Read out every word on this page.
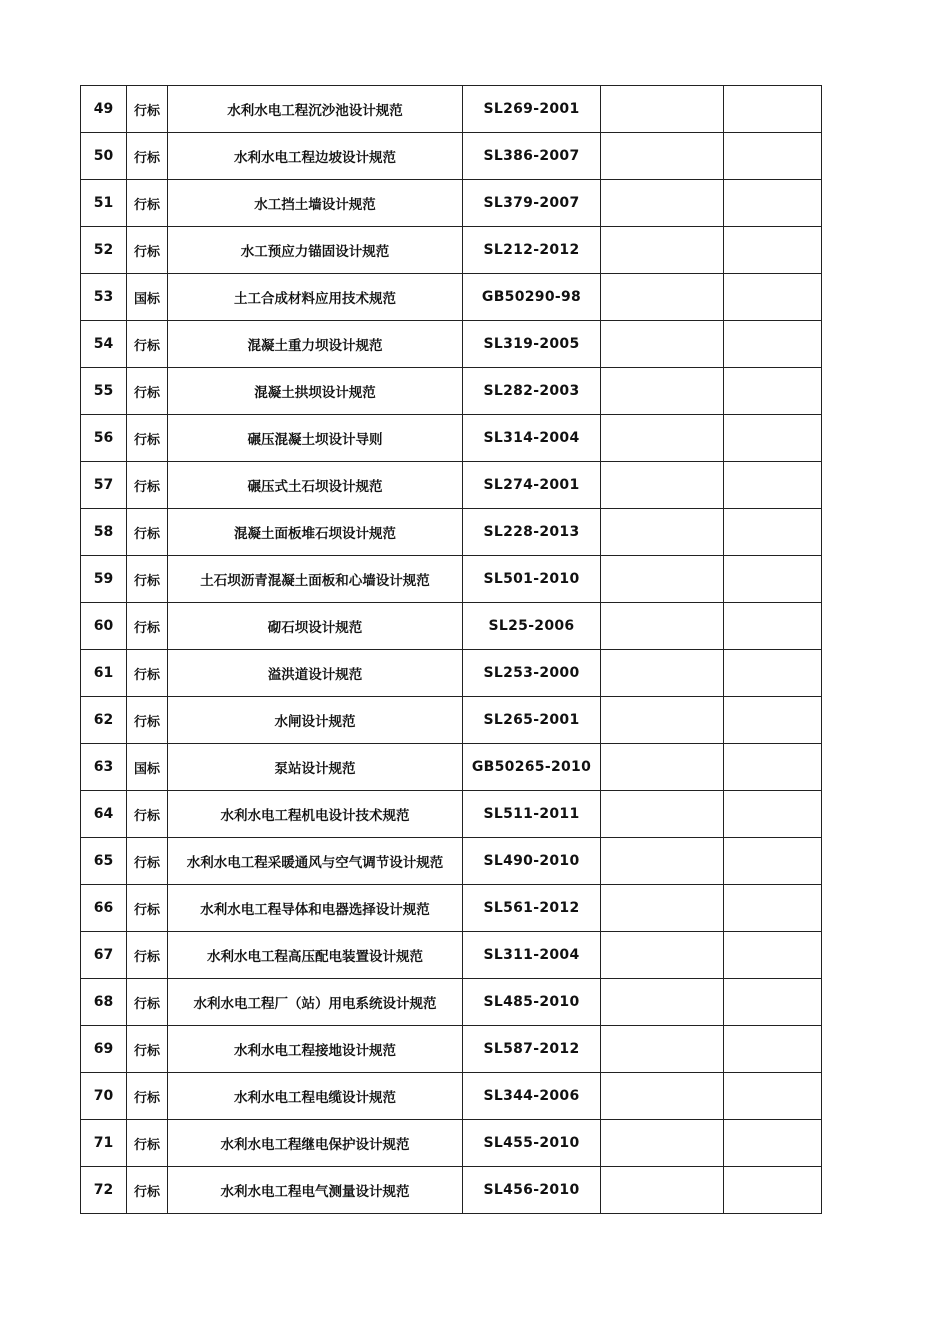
49	行标	水利水电工程沉沙池设计规范	SL269-2001		
50	行标	水利水电工程边坡设计规范	SL386-2007		
51	行标	水工挡土墙设计规范	SL379-2007		
52	行标	水工预应力锚固设计规范	SL212-2012		
53	国标	土工合成材料应用技术规范	GB50290-98		
54	行标	混凝土重力坝设计规范	SL319-2005		
55	行标	混凝土拱坝设计规范	SL282-2003		
56	行标	碾压混凝土坝设计导则	SL314-2004		
57	行标	碾压式土石坝设计规范	SL274-2001		
58	行标	混凝土面板堆石坝设计规范	SL228-2013		
59	行标	土石坝沥青混凝土面板和心墙设计规范	SL501-2010		
60	行标	砌石坝设计规范	SL25-2006		
61	行标	溢洪道设计规范	SL253-2000		
62	行标	水闸设计规范	SL265-2001		
63	国标	泵站设计规范	GB50265-2010		
64	行标	水利水电工程机电设计技术规范	SL511-2011		
65	行标	水利水电工程采暖通风与空气调节设计规范	SL490-2010		
66	行标	水利水电工程导体和电器选择设计规范	SL561-2012		
67	行标	水利水电工程高压配电装置设计规范	SL311-2004		
68	行标	水利水电工程厂（站）用电系统设计规范	SL485-2010		
69	行标	水利水电工程接地设计规范	SL587-2012		
70	行标	水利水电工程电缆设计规范	SL344-2006		
71	行标	水利水电工程继电保护设计规范	SL455-2010		
72	行标	水利水电工程电气测量设计规范	SL456-2010		
